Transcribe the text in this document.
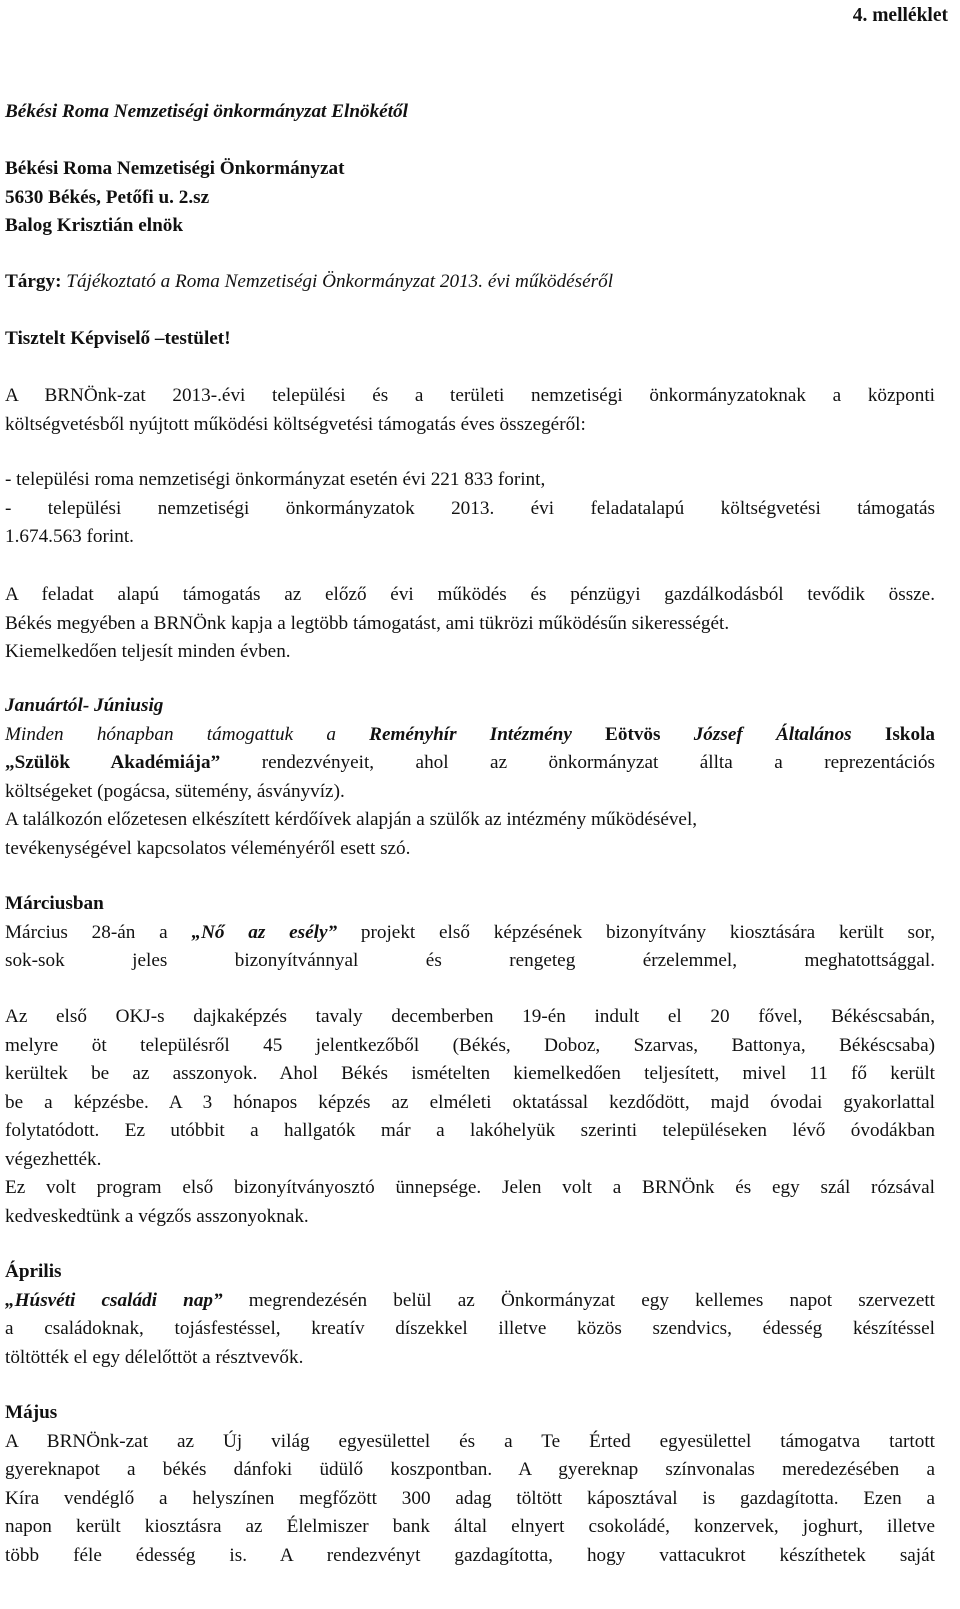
4. melléklet
Békési Roma Nemzetiségi önkormányzat Elnökétől
Békési Roma Nemzetiségi Önkormányzat
5630 Békés, Petőfi u. 2.sz
Balog Krisztián elnök
Tárgy: Tájékoztató a Roma Nemzetiségi Önkormányzat 2013. évi működéséről
Tisztelt Képviselő –testület!
A BRNÖnk-zat 2013-.évi települési és a területi nemzetiségi önkormányzatoknak a központi
költségvetésből nyújtott működési költségvetési támogatás éves összegéről:
- települési roma nemzetiségi önkormányzat esetén évi 221 833 forint,
- települési nemzetiségi önkormányzatok 2013. évi feladatalapú költségvetési támogatás
1.674.563 forint.
A feladat alapú támogatás az előző évi működés és pénzügyi gazdálkodásból tevődik össze.
Békés megyében a BRNÖnk kapja a legtöbb támogatást, ami tükrözi működésűn sikerességét.
Kiemelkedően teljesít minden évben.
Januártól- Júniusig
Minden hónapban támogattuk a Reményhír Intézmény Eötvös József Általános Iskola
„Szülök Akadémiája” rendezvényeit, ahol az önkormányzat állta a reprezentációs
költségeket (pogácsa, sütemény, ásványvíz).
A találkozón előzetesen elkészített kérdőívek alapján a szülők az intézmény működésével,
tevékenységével kapcsolatos véleményéről esett szó.
Márciusban
Március 28-án a „Nő az esély” projekt első képzésének bizonyítvány kiosztására került sor,
sok-sok jeles bizonyítvánnyal és rengeteg érzelemmel, meghatottsággal.
Az első OKJ-s dajkaképzés tavaly decemberben 19-én indult el 20 fővel, Békéscsabán,
melyre öt településről 45 jelentkezőből (Békés, Doboz, Szarvas, Battonya, Békéscsaba)
kerültek be az asszonyok. Ahol Békés ismételten kiemelkedően teljesített, mivel 11 fő került
be a képzésbe. A 3 hónapos képzés az elméleti oktatással kezdődött, majd óvodai gyakorlattal
folytatódott. Ez utóbbit a hallgatók már a lakóhelyük szerinti településeken lévő óvodákban
végezhették.
Ez volt program első bizonyítványosztó ünnepsége. Jelen volt a BRNÖnk és egy szál rózsával
kedveskedtünk a végzős asszonyoknak.
Április
„Húsvéti családi nap” megrendezésén belül az Önkormányzat egy kellemes napot szervezett
a családoknak, tojásfestéssel, kreatív díszekkel illetve közös szendvics, édesség készítéssel
töltötték el egy délelőttöt a résztvevők.
Május
A BRNÖnk-zat az Új világ egyesülettel és a Te Érted egyesülettel támogatva tartott
gyereknapot a békés dánfoki üdülő koszpontban. A gyereknap színvonalas meredezésében a
Kíra vendéglő a helyszínen megfőzött 300 adag töltött káposztával is gazdagította. Ezen a
napon került kiosztásra az Élelmiszer bank által elnyert csokoládé, konzervek, joghurt, illetve
több féle édesség is. A rendezvényt gazdagította, hogy vattacukrot készíthetek saját
